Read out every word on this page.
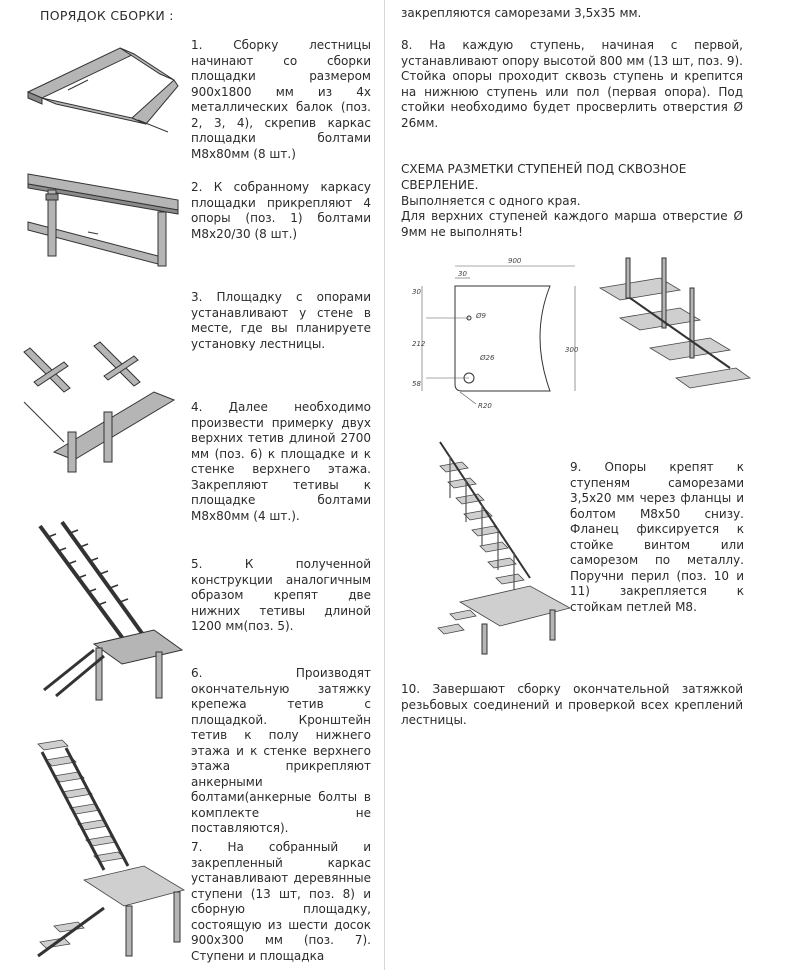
ПОРЯДОК СБОРКИ :
1. Сборку лестницы начинают со сборки площадки размером 900х1800 мм из 4х металлических балок (поз. 2, 3, 4), скрепив каркас площадки болтами М8х80мм (8 шт.)
2. К собранному каркасу площадки прикрепляют 4 опоры (поз. 1) болтами М8х20/30 (8 шт.)
3. Площадку с опорами устанавливают у стене в месте, где вы планируете установку лестницы.
4. Далее необходимо произвести примерку двух верхних тетив длиной 2700 мм (поз. 6) к площадке и к стенке верхнего этажа. Закрепляют тетивы к площадке болтами М8х80мм (4 шт.).
5. К полученной конструкции аналогичным образом крепят две нижних тетивы длиной 1200 мм(поз. 5).
6. Производят окончательную затяжку крепежа тетив с площадкой. Кронштейн тетив к полу нижнего этажа и к стенке верхнего этажа прикрепляют анкерными болтами(анкерные болты в комплекте не поставляются).
7. На собранный и закрепленный каркас устанавливают деревянные ступени (13 шт, поз. 8) и сборную площадку, состоящую из шести досок 900х300 мм (поз. 7). Ступени и площадка
закрепляются саморезами 3,5х35 мм.
8. На каждую ступень, начиная с первой, устанавливают опору высотой 800 мм (13 шт, поз. 9). Стойка опоры проходит сквозь ступень и крепится на нижнюю ступень или пол (первая опора). Под стойки необходимо будет просверлить отверстия Ø 26мм.
СХЕМА РАЗМЕТКИ СТУПЕНЕЙ ПОД СКВОЗНОЕ СВЕРЛЕНИЕ.
Выполняется с одного края.
Для верхних ступеней каждого марша отверстие Ø 9мм не выполнять!
9. Опоры крепят к ступеням саморезами 3,5х20 мм через фланцы и болтом М8х50 снизу. Фланец фиксируется к стойке винтом или саморезом по металлу. Поручни перил (поз. 10 и 11) закрепляется к стойкам петлей М8.
10. Завершают сборку окончательной затяжкой резьбовых соединений и проверкой всех креплений лестницы.
900
30
30
212
58
300
Ø9
Ø26
R20
